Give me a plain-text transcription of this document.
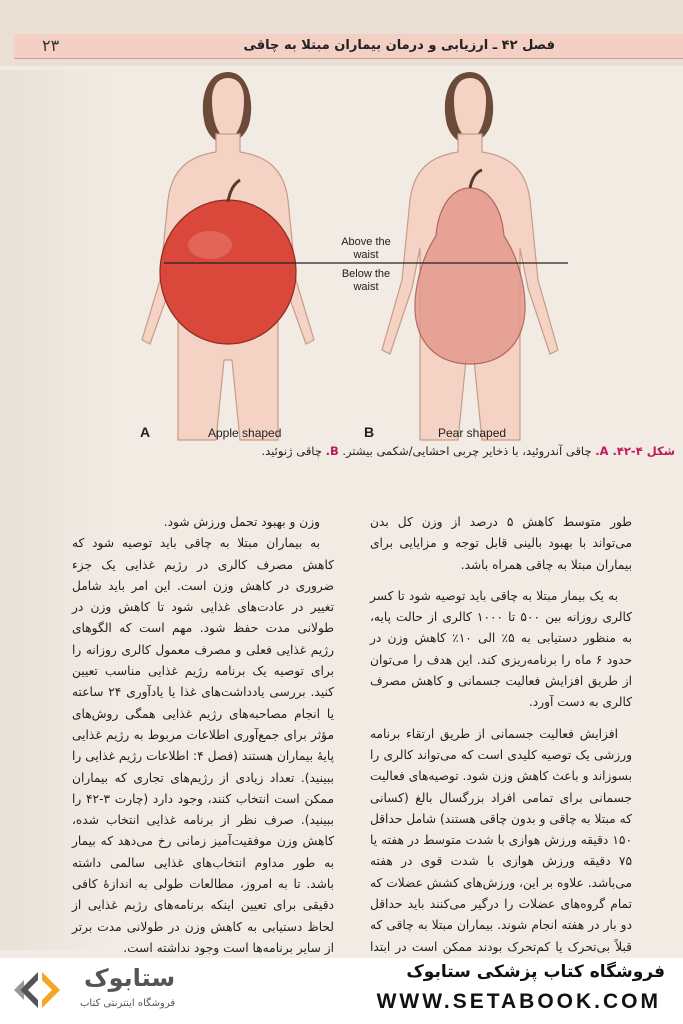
۲۳	فصل ۴۲ ـ ارزیابی و درمان بیماران مبتلا به چاقی
Above the waist
Below the waist
A	Apple shaped	B	Pear shaped
شکل ۴-۴۲. A. چاقی آندروئید، با ذخایر چربی احشایی/شکمی بیشتر. B. چاقی ژنوئید.

طور متوسط کاهش ۵ درصد از وزن کل بدن می‌تواند با بهبود بالینی قابل توجه و مزایایی برای بیماران مبتلا به چاقی همراه باشد.

به یک بیمار مبتلا به چاقی باید توصیه شود تا کسر کالری روزانه بین ۵۰۰ تا ۱۰۰۰ کالری از حالت پایه، به منظور دستیابی به ۵٪ الی ۱۰٪ کاهش وزن در حدود ۶ ماه را برنامه‌ریزی کند. این هدف را می‌توان از طریق افزایش فعالیت جسمانی و کاهش مصرف کالری به دست آورد.

افزایش فعالیت جسمانی از طریق ارتقاء برنامه ورزشی یک توصیه کلیدی است که می‌تواند کالری را بسوزاند و باعث کاهش وزن شود. توصیه‌های فعالیت جسمانی برای تمامی افراد بزرگسال بالغ (کسانی که مبتلا به چاقی و بدون چاقی هستند) شامل حداقل ۱۵۰ دقیقه ورزش هوازی با شدت متوسط در هفته یا ۷۵ دقیقه ورزش هوازی با شدت قوی در هفته می‌باشد. علاوه بر این، ورزش‌های کشش عضلات که تمام گروه‌های عضلات را درگیر می‌کنند باید حداقل دو بار در هفته انجام شوند. بیماران مبتلا به چاقی که قبلاً بی‌تحرک یا کم‌تحرک بودند ممکن است در ابتدا

وزن و بهبود تحمل ورزش شود.

به بیماران مبتلا به چاقی باید توصیه شود که کاهش مصرف کالری در رژیم غذایی یک جزء ضروری در کاهش وزن است. این امر باید شامل تغییر در عادت‌های غذایی شود تا کاهش وزن در طولانی مدت حفظ شود. مهم است که الگوهای رژیم غذایی فعلی و مصرف معمول کالری روزانه را برای توصیه یک برنامه رژیم غذایی مناسب تعیین کنید. بررسی یادداشت‌های غذا یا یادآوری ۲۴ ساعته یا انجام مصاحبه‌های رژیم غذایی همگی روش‌های مؤثر برای جمع‌آوری اطلاعات مربوط به رژیم غذایی پایهٔ بیماران هستند (فصل ۴: اطلاعات رژیم غذایی را ببینید). تعداد زیادی از رژیم‌های تجاری که بیماران ممکن است انتخاب کنند، وجود دارد (چارت ۳-۴۲ را ببینید). صرف نظر از برنامه غذایی انتخاب شده، کاهش وزن موفقیت‌آمیز زمانی رخ می‌دهد که بیمار به طور مداوم انتخاب‌های غذایی سالمی داشته باشد. تا به امروز، مطالعات طولی به اندازهٔ کافی دقیقی برای تعیین اینکه برنامه‌های رژیم غذایی از لحاظ دستیابی به کاهش وزن در طولانی مدت برتر از سایر برنامه‌ها است وجود نداشته است.

ستابوک
فروشگاه اینترنتی کتاب
فروشگاه کتاب پزشکی ستابوک
WWW.SETABOOK.COM
